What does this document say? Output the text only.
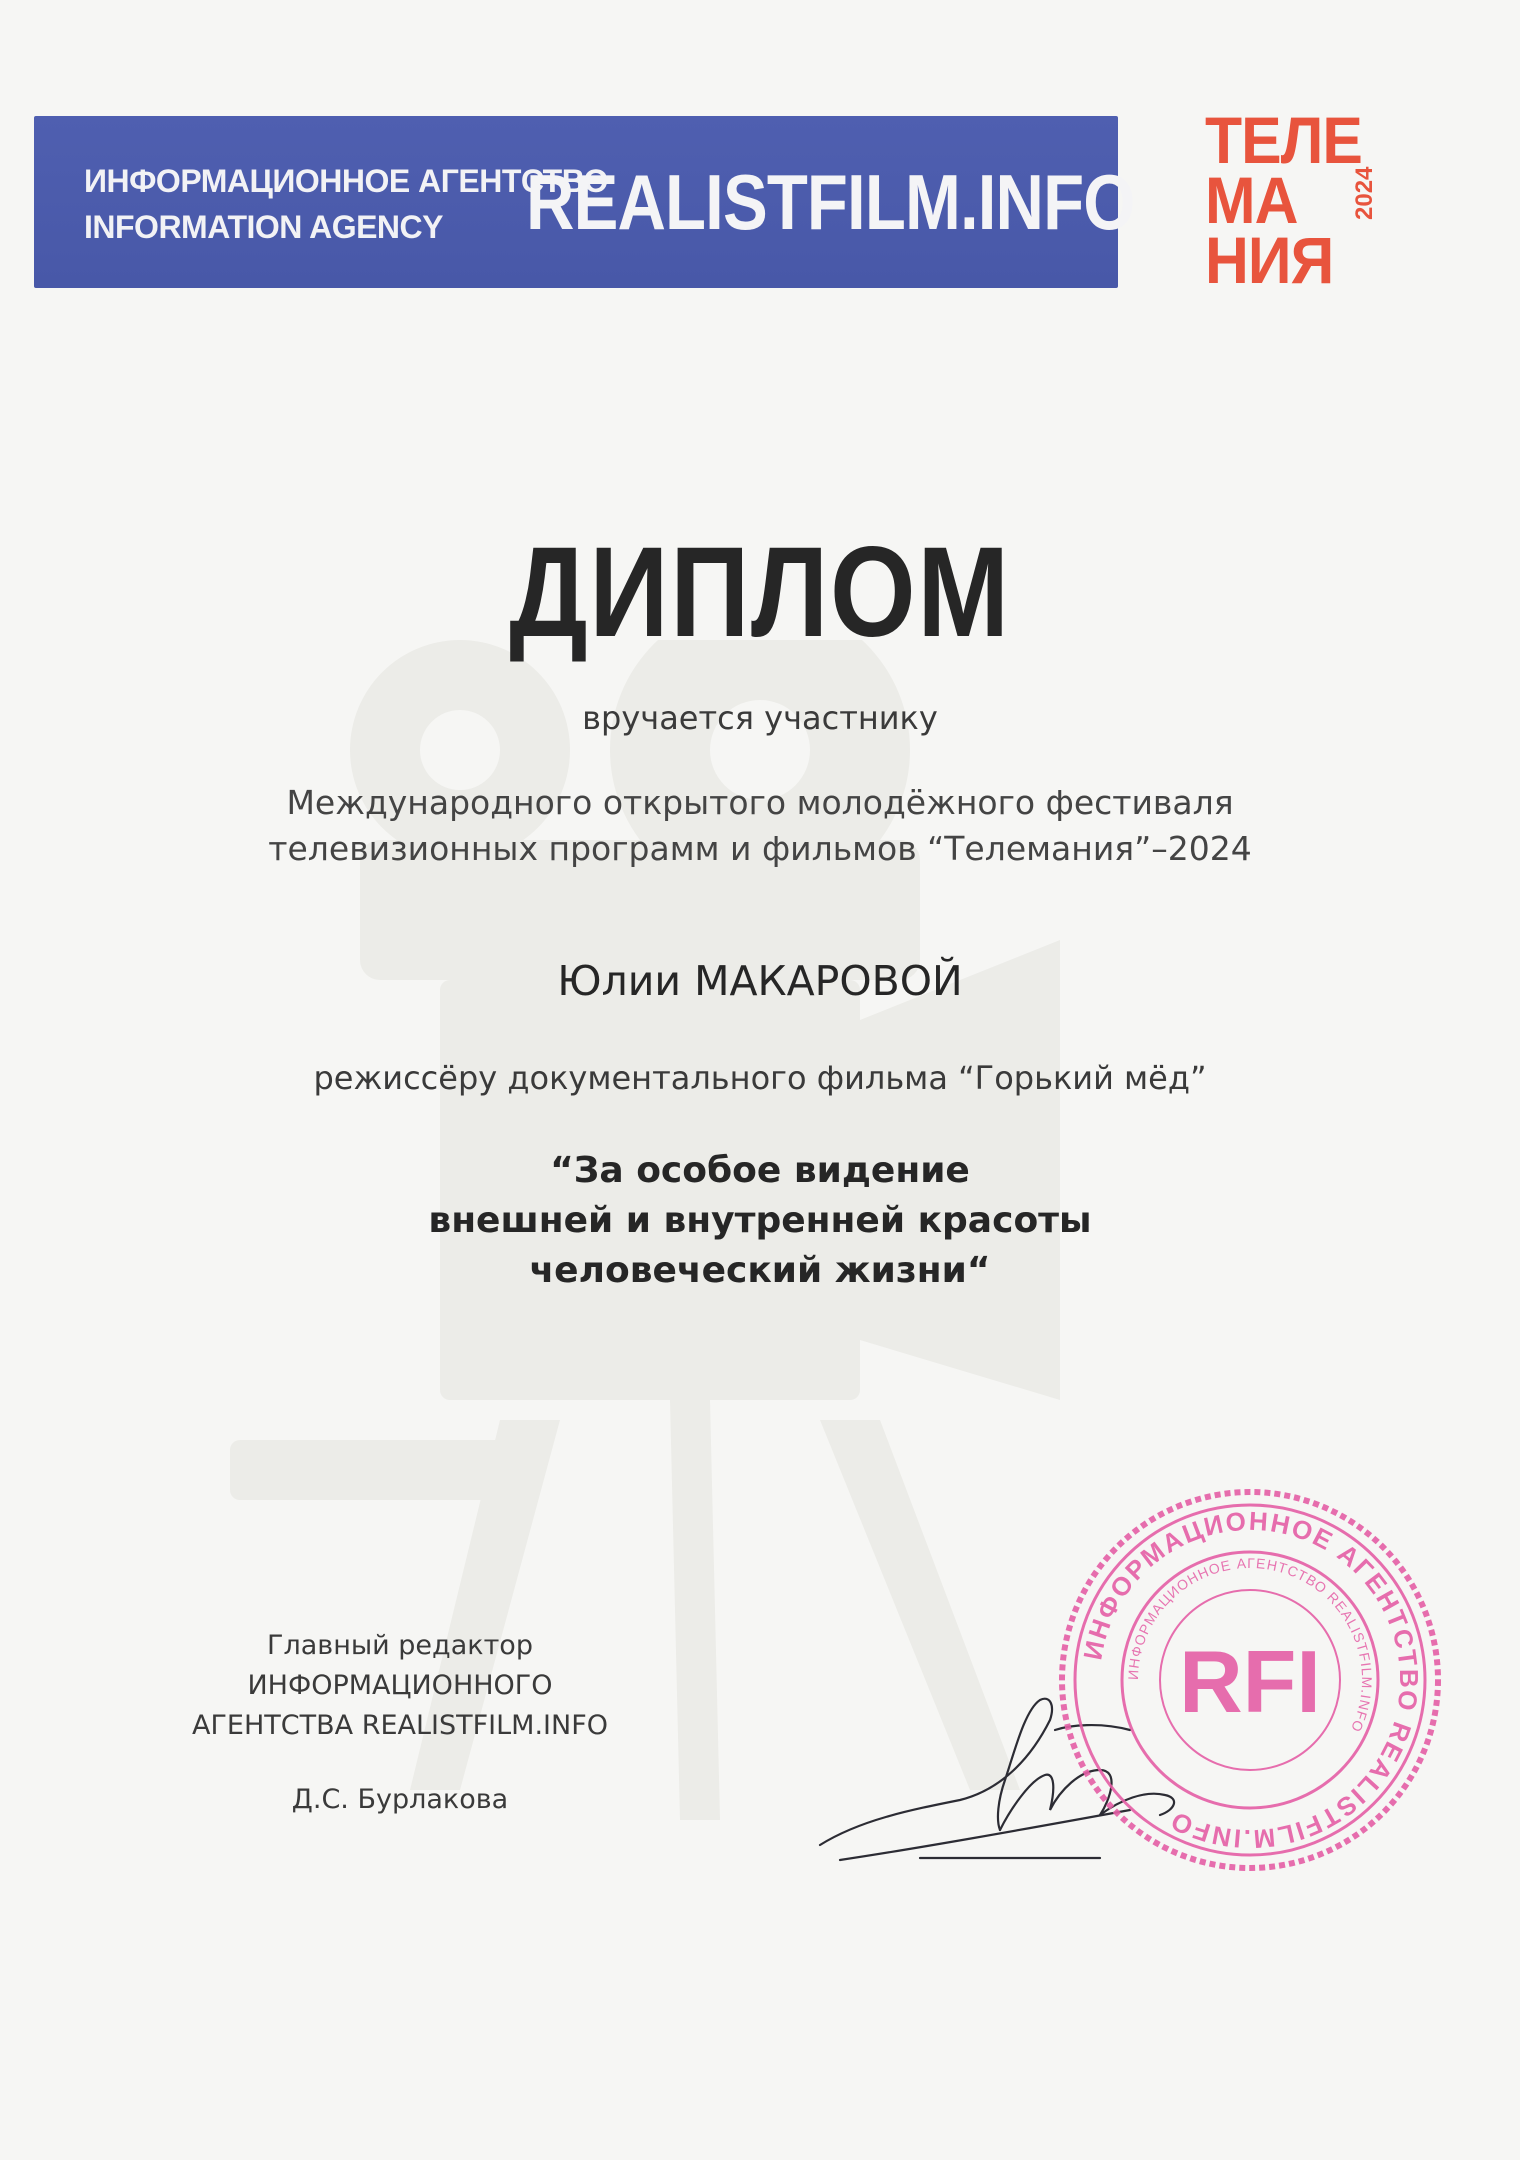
ИНФОРМАЦИОННОЕ АГЕНТСТВО
INFORMATION AGENCY	REALISTFILM.INFO
ТЕЛЕ
МА
НИЯ
2024
ДИПЛОМ
вручается участнику
Международного открытого молодёжного фестиваля
телевизионных программ и фильмов “Телемания”–2024
Юлии МАКАРОВОЙ
режиссёру документального фильма “Горький мёд”
“За особое видение
внешней и внутренней красоты
человеческий жизни“
Главный редактор
ИНФОРМАЦИОННОГО
АГЕНТСТВА REALISTFILM.INFO
Д.С. Бурлакова
ИНФОРМАЦИОННОЕ АГЕНТСТВО REALISTFILM.INFO
ИНФОРМАЦИОННОЕ АГЕНТСТВО REALISTFILM.INFO
RFI
